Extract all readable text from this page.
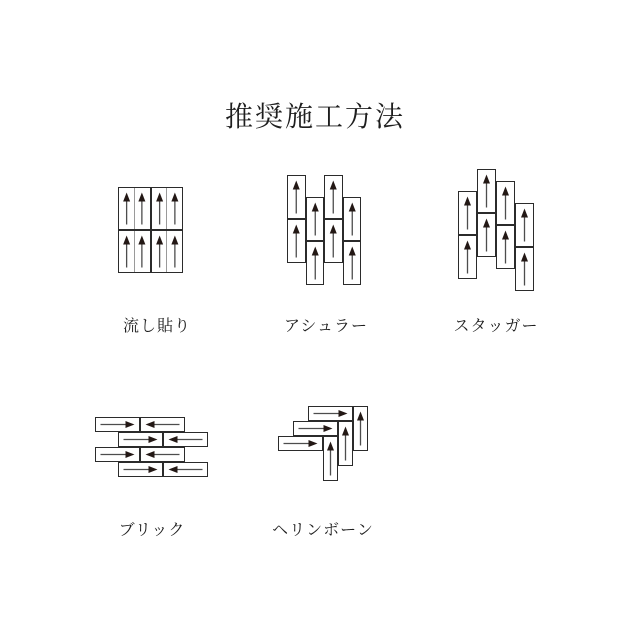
推奨施工方法
流し貼り	アシュラー	スタッガー
ブリック	ヘリンボーン
